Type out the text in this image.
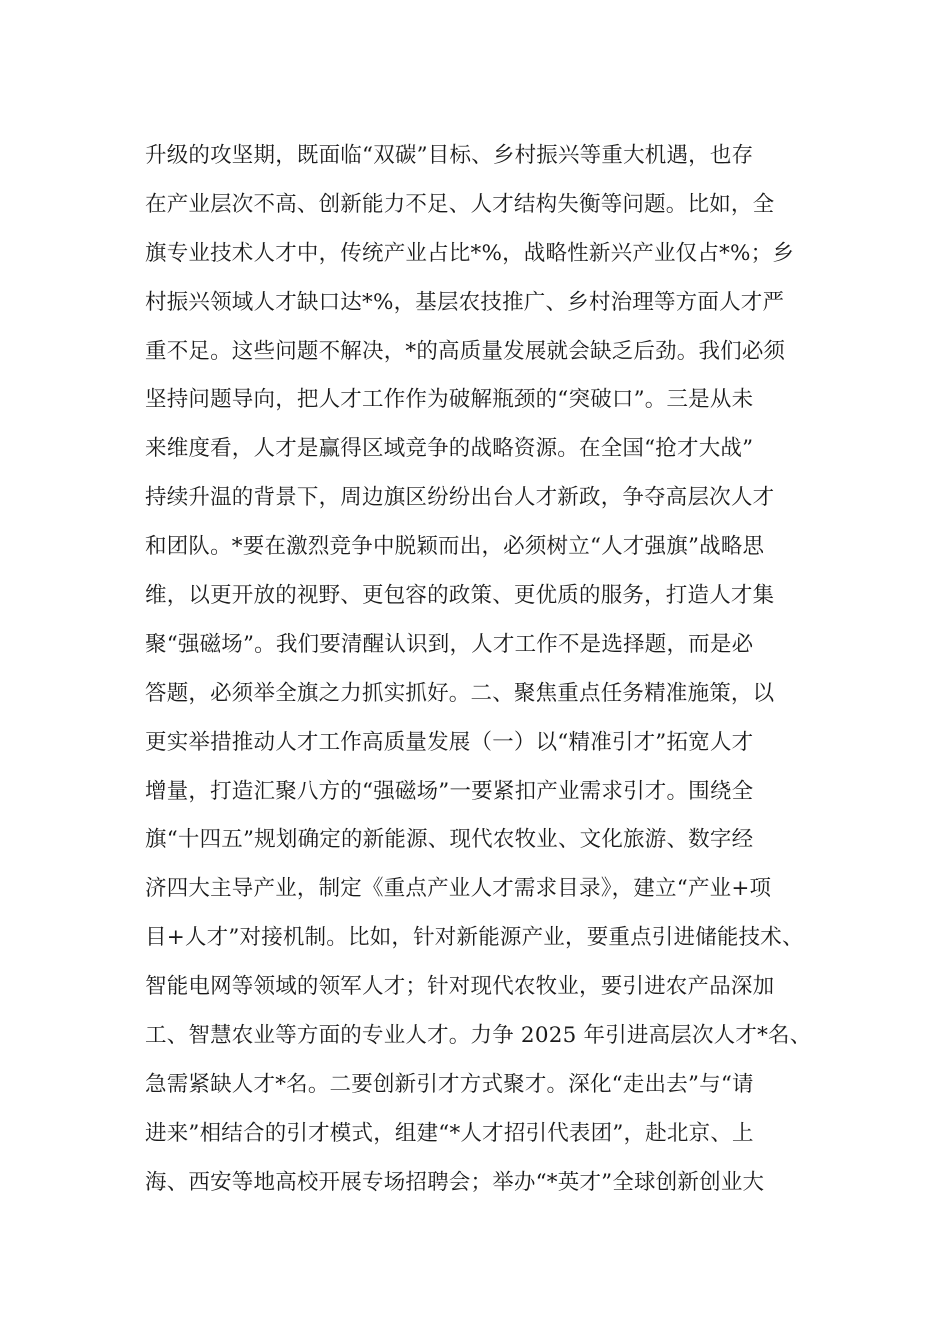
升级的攻坚期，既面临“双碳”目标、乡村振兴等重大机遇，也存
在产业层次不高、创新能力不足、人才结构失衡等问题。比如，全
旗专业技术人才中，传统产业占比*%，战略性新兴产业仅占*%；乡
村振兴领域人才缺口达*%，基层农技推广、乡村治理等方面人才严
重不足。这些问题不解决，*的高质量发展就会缺乏后劲。我们必须
坚持问题导向，把人才工作作为破解瓶颈的“突破口”。三是从未
来维度看，人才是赢得区域竞争的战略资源。在全国“抢才大战”
持续升温的背景下，周边旗区纷纷出台人才新政，争夺高层次人才
和团队。*要在激烈竞争中脱颖而出，必须树立“人才强旗”战略思
维，以更开放的视野、更包容的政策、更优质的服务，打造人才集
聚“强磁场”。我们要清醒认识到，人才工作不是选择题，而是必
答题，必须举全旗之力抓实抓好。二、聚焦重点任务精准施策，以
更实举措推动人才工作高质量发展（一）以“精准引才”拓宽人才
增量，打造汇聚八方的“强磁场”一要紧扣产业需求引才。围绕全
旗“十四五”规划确定的新能源、现代农牧业、文化旅游、数字经
济四大主导产业，制定《重点产业人才需求目录》，建立“产业+项
目+人才”对接机制。比如，针对新能源产业，要重点引进储能技术、
智能电网等领域的领军人才；针对现代农牧业，要引进农产品深加
工、智慧农业等方面的专业人才。力争 2025 年引进高层次人才*名、
急需紧缺人才*名。二要创新引才方式聚才。深化“走出去”与“请
进来”相结合的引才模式，组建“*人才招引代表团”，赴北京、上
海、西安等地高校开展专场招聘会；举办“*英才”全球创新创业大
